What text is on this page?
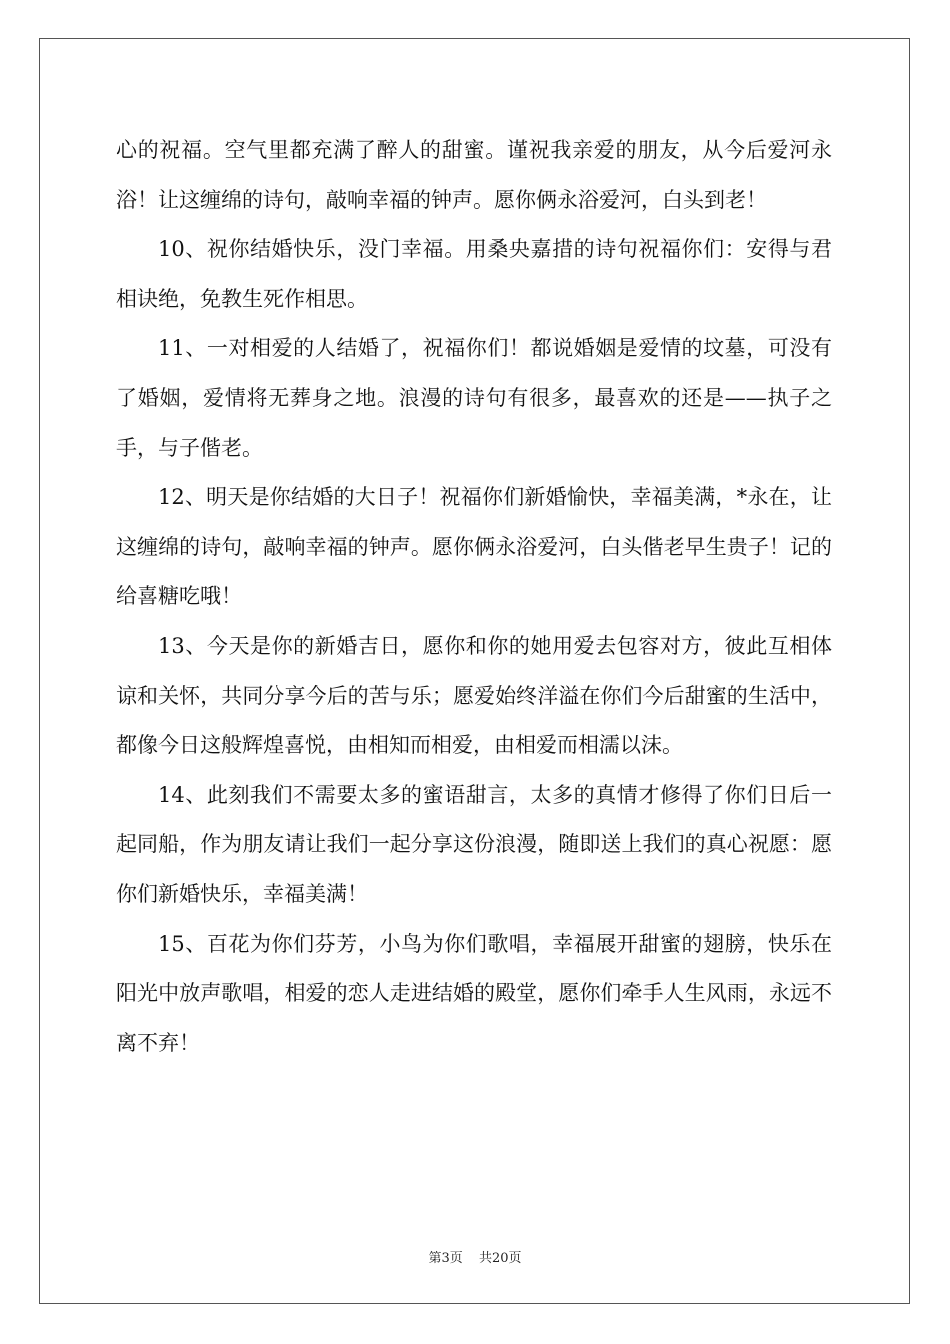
心的祝福。空气里都充满了醉人的甜蜜。谨祝我亲爱的朋友，从今后爱河永浴！让这缠绵的诗句，敲响幸福的钟声。愿你俩永浴爱河，白头到老！

10、祝你结婚快乐，没门幸福。用桑央嘉措的诗句祝福你们：安得与君相诀绝，免教生死作相思。

11、一对相爱的人结婚了，祝福你们！都说婚姻是爱情的坟墓，可没有了婚姻，爱情将无葬身之地。浪漫的诗句有很多，最喜欢的还是——执子之手，与子偕老。

12、明天是你结婚的大日子！祝福你们新婚愉快，幸福美满，*永在，让这缠绵的诗句，敲响幸福的钟声。愿你俩永浴爱河，白头偕老早生贵子！记的给喜糖吃哦！

13、今天是你的新婚吉日，愿你和你的她用爱去包容对方，彼此互相体谅和关怀，共同分享今后的苦与乐；愿爱始终洋溢在你们今后甜蜜的生活中，都像今日这般辉煌喜悦，由相知而相爱，由相爱而相濡以沫。

14、此刻我们不需要太多的蜜语甜言，太多的真情才修得了你们日后一起同船，作为朋友请让我们一起分享这份浪漫，随即送上我们的真心祝愿：愿你们新婚快乐，幸福美满！

15、百花为你们芬芳，小鸟为你们歌唱，幸福展开甜蜜的翅膀，快乐在阳光中放声歌唱，相爱的恋人走进结婚的殿堂，愿你们牵手人生风雨，永远不离不弃！

第3页 共20页
